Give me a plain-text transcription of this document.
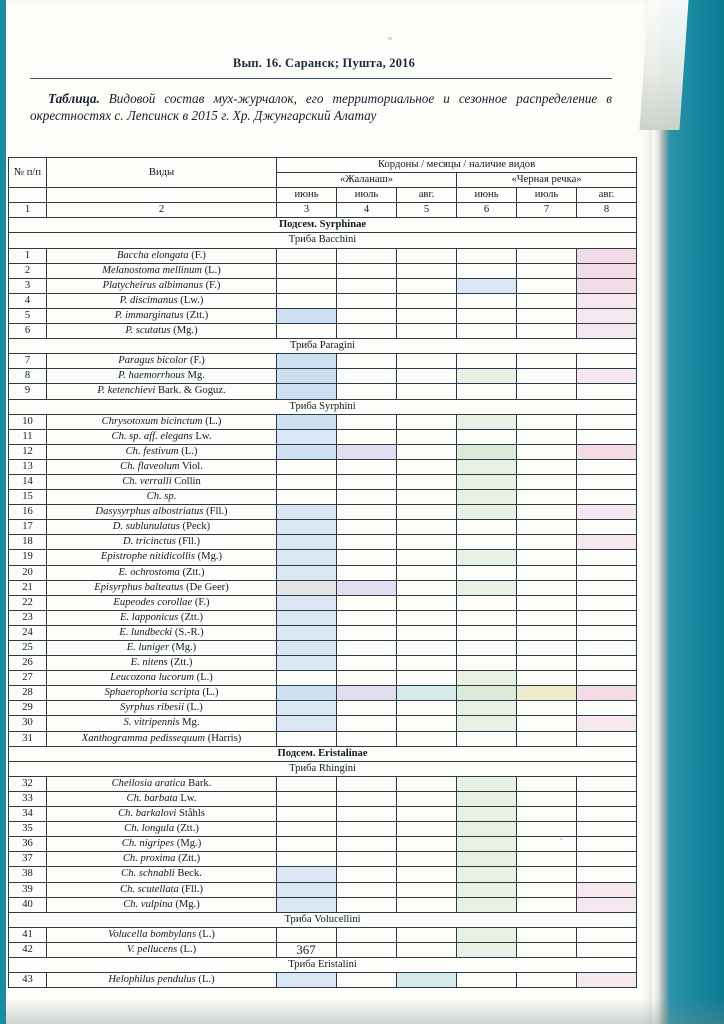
Вып. 16. Саранск; Пушта, 2016
Таблица. Видовой состав мух-журчалок, его территориальное и сезонное распределение в окрестностях с. Лепсинск в 2015 г. Хр. Джунгарский Алатау
№ п/п	Виды	Кордоны / месяцы / наличие видов					
		«Жаланаш»			«Черная речка»		
		июнь	июль	авг.	июнь	июль	авг.
1	2	3	4	5	6	7	8
Подсем. Syrphinae							
Триба Bacchini							
1	Baccha elongata (F.)						
2	Melanostoma mellinum (L.)						
3	Platycheirus albimanus (F.)						
4	P. discimanus (Lw.)						
5	P. immarginatus (Ztt.)						
6	P. scutatus (Mg.)						
Триба Paragini							
7	Paragus bicolor (F.)						
8	P. haemorrhous Mg.						
9	P. ketenchievi Bark. & Goguz.						
Триба Syrphini							
10	Chrysotoxum bicinctum (L.)						
11	Ch. sp. aff. elegans Lw.						
12	Ch. festivum (L.)						
13	Ch. flaveolum Viol.						
14	Ch. verralli Collin						
15	Ch. sp.						
16	Dasysyrphus albostriatus (Fll.)						
17	D. sublunulatus (Peck)						
18	D. tricinctus (Fll.)						
19	Epistrophe nitidicollis (Mg.)						
20	E. ochrostoma (Ztt.)						
21	Episyrphus balteatus (De Geer)						
22	Eupeodes corollae (F.)						
23	E. lapponicus (Ztt.)						
24	E. lundbecki (S.-R.)						
25	E. luniger (Mg.)						
26	E. nitens (Ztt.)						
27	Leucozona lucorum (L.)						
28	Sphaerophoria scripta (L.)						
29	Syrphus ribesii (L.)						
30	S. vitripennis Mg.						
31	Xanthogramma pedissequum (Harris)						
Подсем. Eristalinae							
Триба Rhingini							
32	Cheilosia aratica Bark.						
33	Ch. barbata Lw.						
34	Ch. barkalovi Ståhls						
35	Ch. longula (Ztt.)						
36	Ch. nigripes (Mg.)						
37	Ch. proxima (Ztt.)						
38	Ch. schnabli Beck.						
39	Ch. scutellata (Fll.)						
40	Ch. vulpina (Mg.)						
Триба Volucellini							
41	Volucella bombylans (L.)						
42	V. pellucens (L.)						
Триба Eristalini							
43	Helophilus pendulus (L.)						
367
